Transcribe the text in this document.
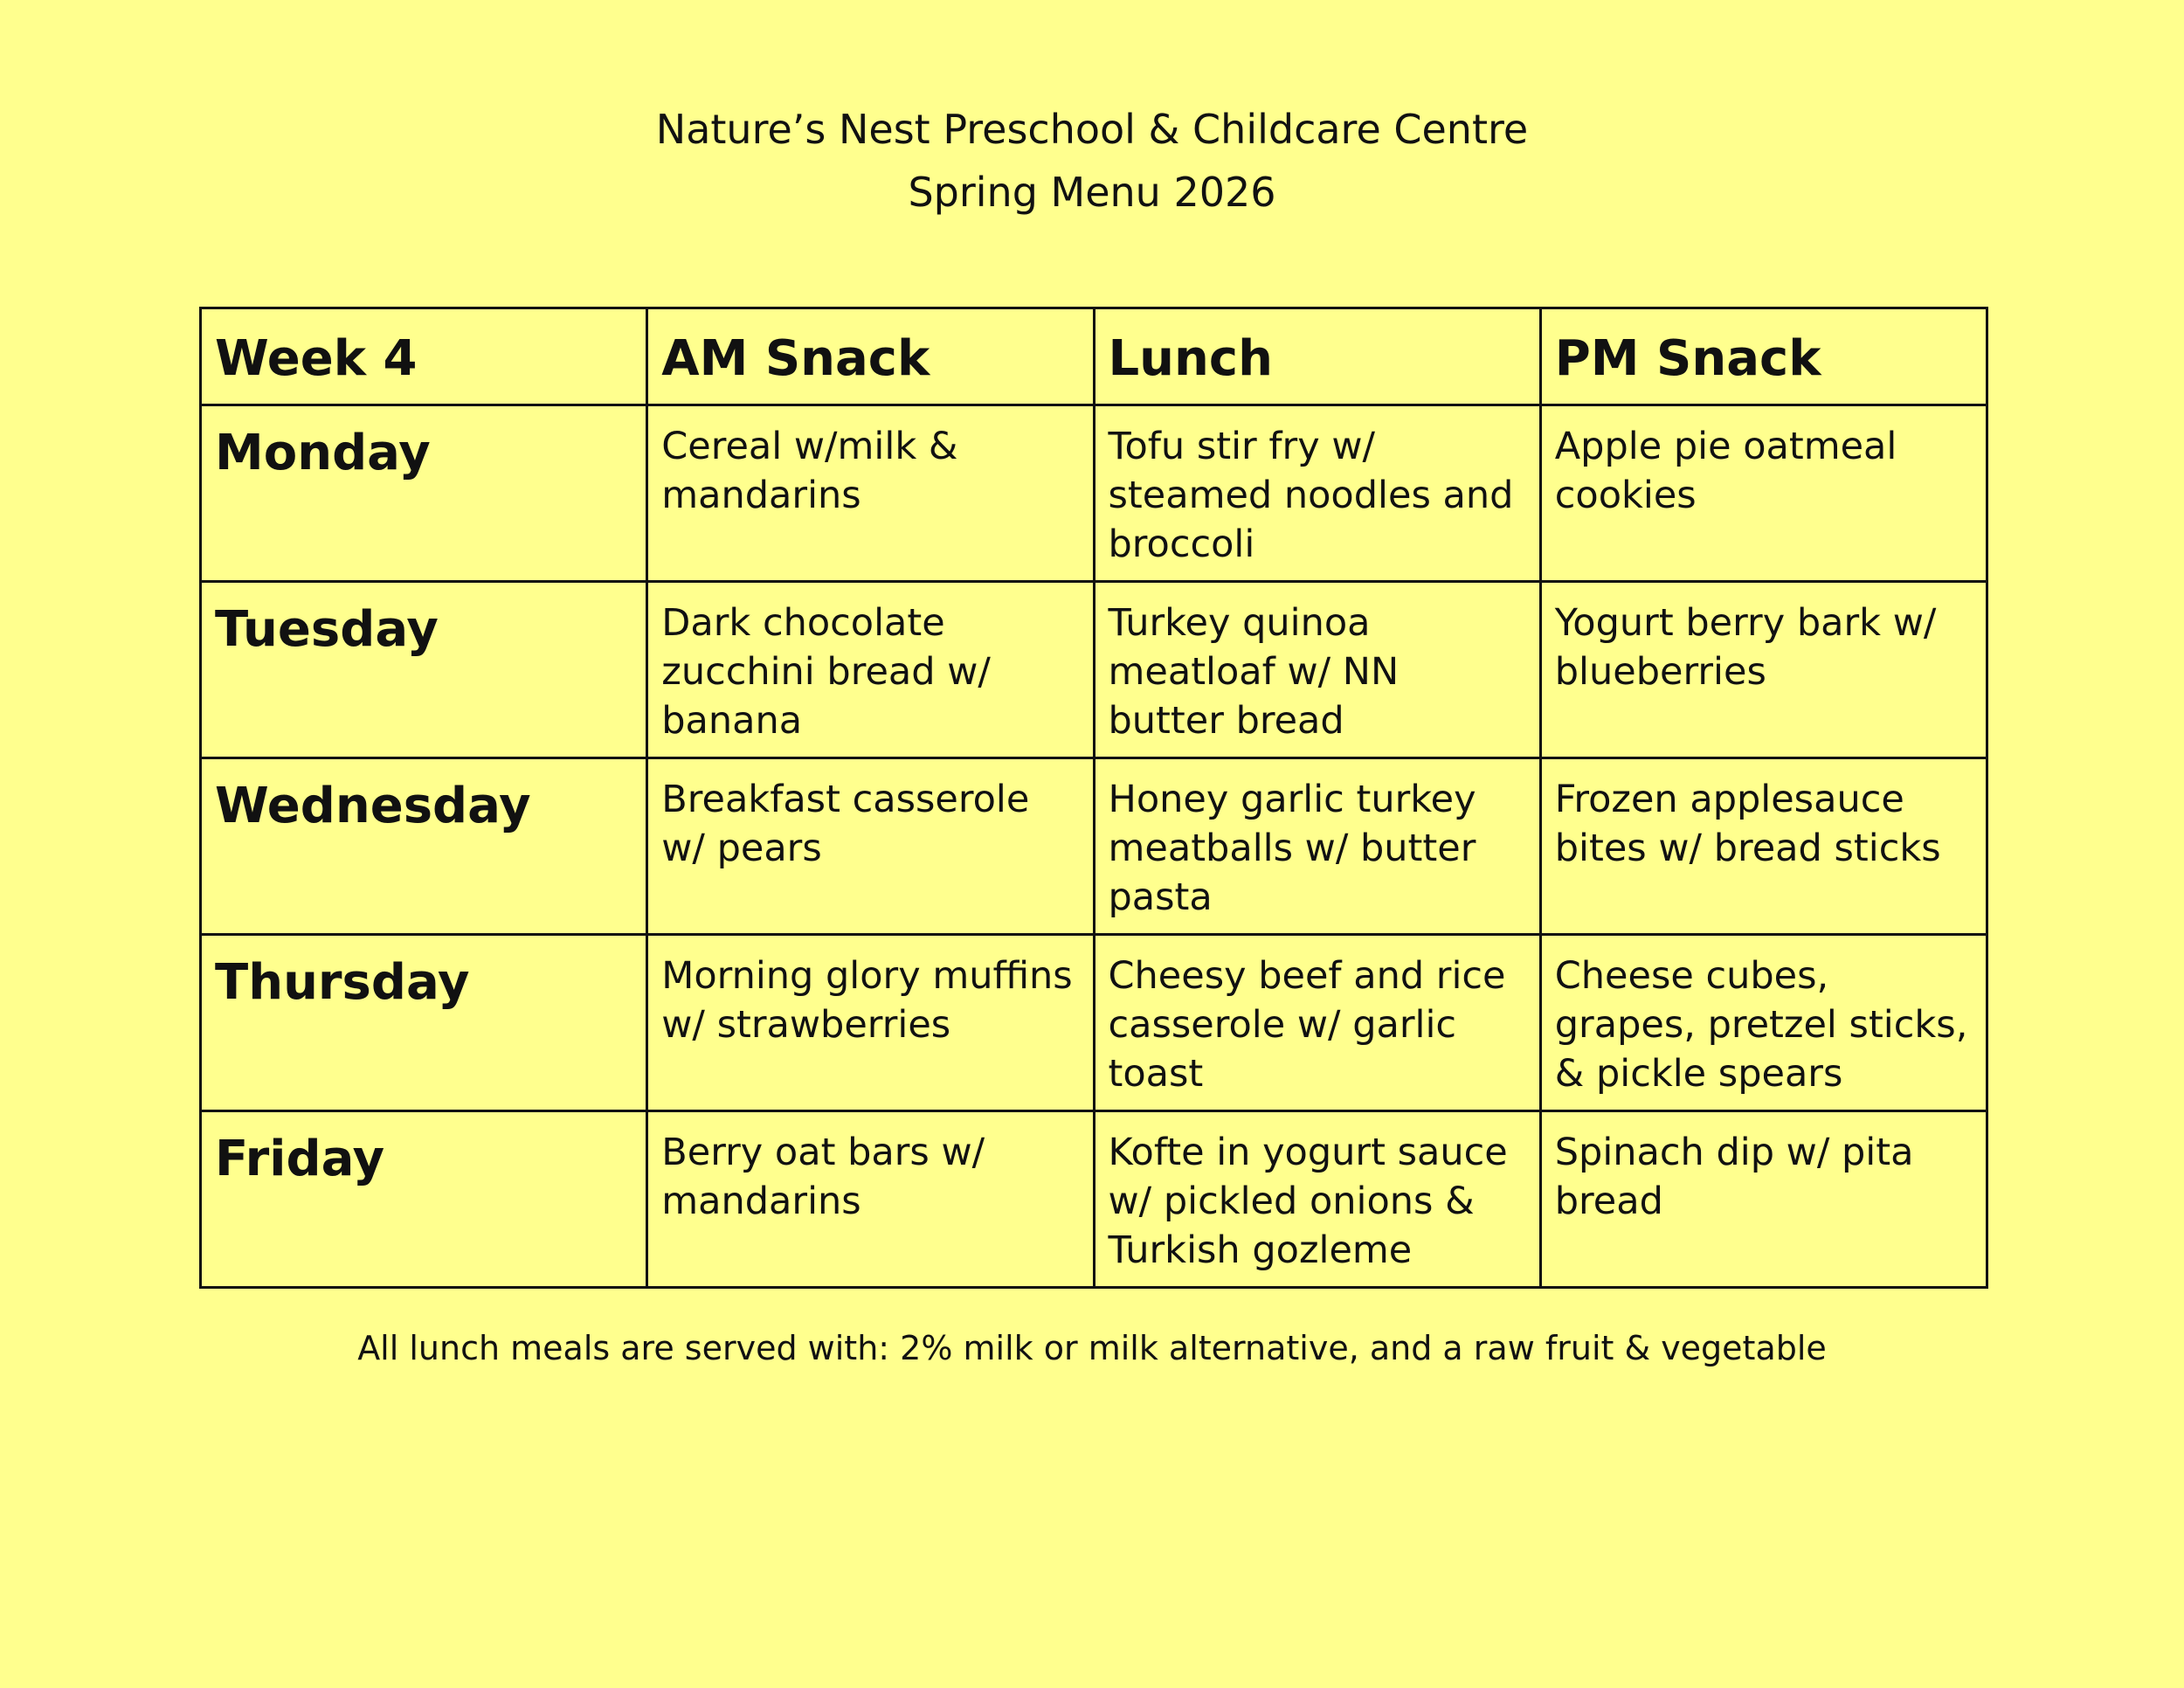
Nature’s Nest Preschool & Childcare Centre
Spring Menu 2026
Week 4	AM Snack	Lunch	PM Snack
Monday	Cereal w/milk & mandarins	Tofu stir fry w/ steamed noodles and broccoli	Apple pie oatmeal cookies
Tuesday	Dark chocolate zucchini bread w/ banana	Turkey quinoa meatloaf w/ NN butter bread	Yogurt berry bark w/ blueberries
Wednesday	Breakfast casserole w/ pears	Honey garlic turkey meatballs w/ butter pasta	Frozen applesauce bites w/ bread sticks
Thursday	Morning glory muffins w/ strawberries	Cheesy beef and rice casserole w/ garlic toast	Cheese cubes, grapes, pretzel sticks, & pickle spears
Friday	Berry oat bars w/ mandarins	Kofte in yogurt sauce w/ pickled onions & Turkish gozleme	Spinach dip w/ pita bread
All lunch meals are served with: 2% milk or milk alternative, and a raw fruit & vegetable
